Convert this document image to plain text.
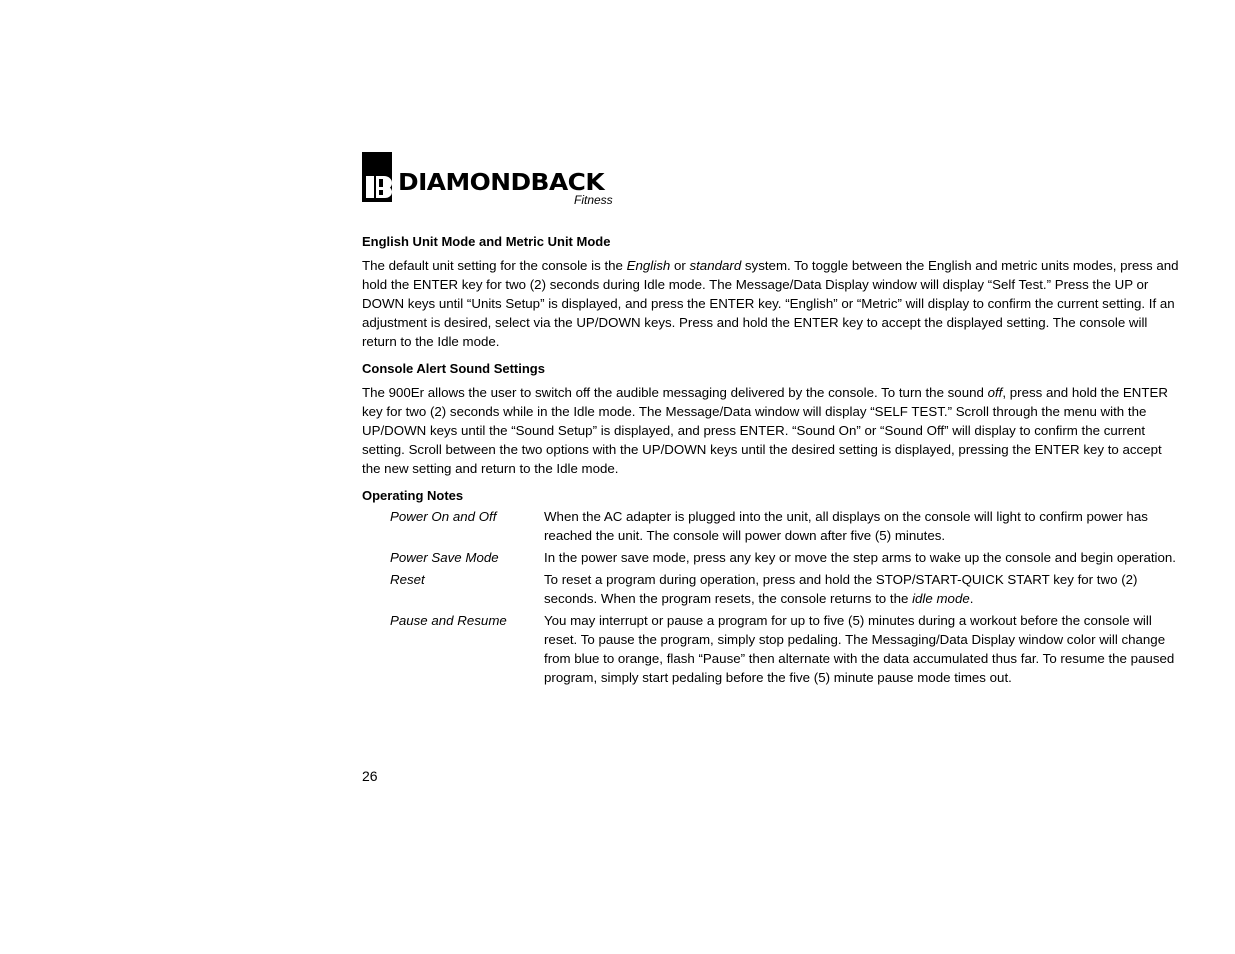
DIAMONDBACK
Fitness
English Unit Mode and Metric Unit Mode

The default unit setting for the console is the English or standard system. To toggle between the English and metric units modes, press and hold the ENTER key for two (2) seconds during Idle mode. The Message/Data Display window will display “Self Test.” Press the UP or DOWN keys until “Units Setup” is displayed, and press the ENTER key. “English” or “Metric” will display to confirm the current setting. If an adjustment is desired, select via the UP/DOWN keys. Press and hold the ENTER key to accept the displayed setting. The console will return to the Idle mode.

Console Alert Sound Settings

The 900Er allows the user to switch off the audible messaging delivered by the console. To turn the sound off, press and hold the ENTER key for two (2) seconds while in the Idle mode. The Message/Data window will display “SELF TEST.” Scroll through the menu with the UP/DOWN keys until the “Sound Setup” is displayed, and press ENTER. “Sound On” or “Sound Off” will display to confirm the current setting. Scroll between the two options with the UP/DOWN keys until the desired setting is displayed, pressing the ENTER key to accept the new setting and return to the Idle mode.

Operating Notes
Power On and Off	When the AC adapter is plugged into the unit, all displays on the console will light to confirm power has reached the unit. The console will power down after five (5) minutes.
Power Save Mode	In the power save mode, press any key or move the step arms to wake up the console and begin operation.
Reset	To reset a program during operation, press and hold the STOP/START-QUICK START key for two (2) seconds. When the program resets, the console returns to the idle mode.
Pause and Resume	You may interrupt or pause a program for up to five (5) minutes during a workout before the console will reset. To pause the program, simply stop pedaling. The Messaging/Data Display window color will change from blue to orange, flash “Pause” then alternate with the data accumulated thus far. To resume the paused program, simply start pedaling before the five (5) minute pause mode times out.
26
